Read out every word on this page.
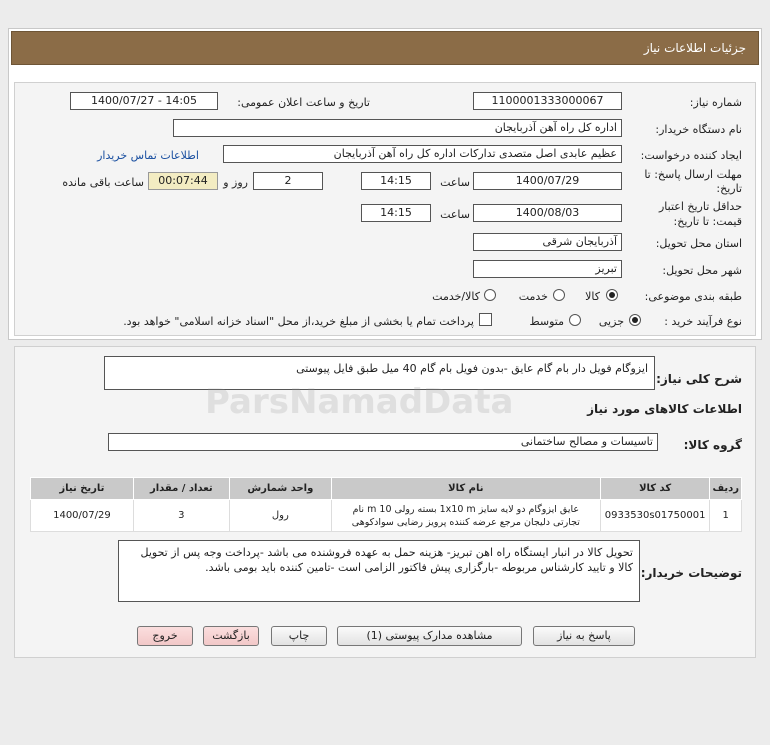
جزئیات اطلاعات نیاز
شماره نیاز:
1100001333000067
تاریخ و ساعت اعلان عمومی:
1400/07/27 - 14:05
نام دستگاه خریدار:
اداره کل راه آهن آذربایجان
ایجاد کننده درخواست:
عظیم عابدی اصل متصدی تدارکات اداره کل راه آهن آذربایجان
اطلاعات تماس خریدار
مهلت ارسال پاسخ: تا
تاریخ:
1400/07/29
ساعت
14:15
2
روز و
00:07:44
ساعت باقی مانده
حداقل تاریخ اعتبار
قیمت: تا تاریخ:
1400/08/03
ساعت
14:15
استان محل تحویل:
آذربایجان شرقی
شهر محل تحویل:
تبریز
طبقه بندی موضوعی:
کالا
خدمت
کالا/خدمت
نوع فرآیند خرید :
جزیی
متوسط
پرداخت تمام یا بخشی از مبلغ خرید،از محل "اسناد خزانه اسلامی" خواهد بود.
شرح کلی نیاز:
ایزوگام فویل دار بام گام عایق -بدون فویل بام گام 40 میل طبق فایل پیوستی
اطلاعات کالاهای مورد نیاز
گروه کالا:
تاسیسات و مصالح ساختمانی
ردیف	کد کالا	نام کالا	واحد شمارش	تعداد / مقدار	تاریخ نیاز
1	0933530s01750001	عایق ایزوگام دو لایه سایز 1x10 m بسته رولی 10 m نام
تجارتی دلیجان مرجع عرضه کننده پرویز رضایی سوادکوهی	رول	3	1400/07/29
توضیحات خریدار:
تحویل کالا در انبار ایستگاه راه اهن تبریز- هزینه حمل به عهده فروشنده می باشد -پرداخت وجه پس از تحویل کالا و تایید کارشناس مربوطه -بارگزاری پیش فاکتور الزامی است -تامین کننده باید بومی باشد.
پاسخ به نیاز
مشاهده مدارک پیوستی (1)
چاپ
بازگشت
خروج
ParsNamadData
